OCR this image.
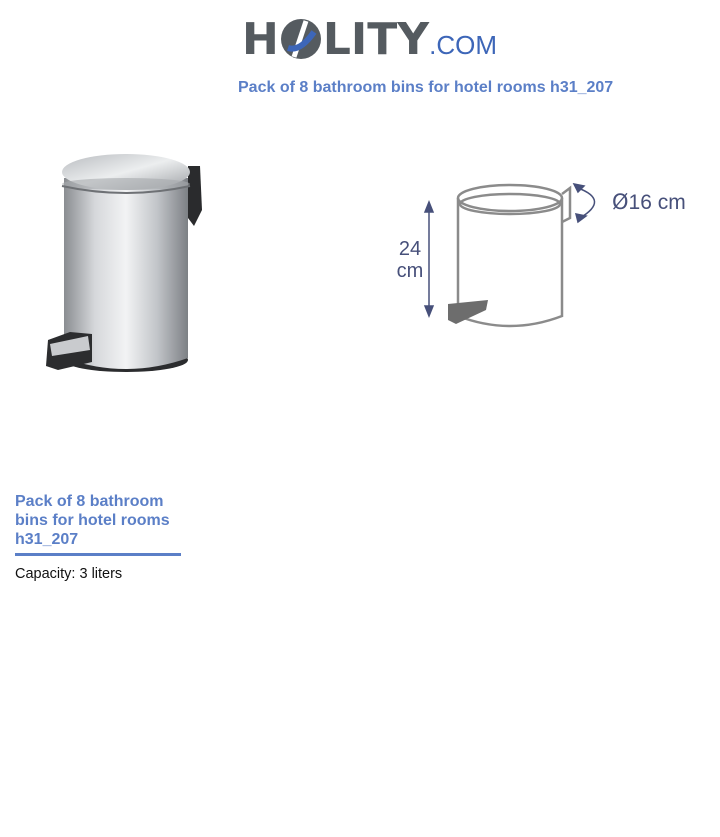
H LITY.COM
Pack of 8 bathroom bins for hotel rooms h31_207
24
cm
Ø16 cm
Pack of 8 bathroom bins for hotel rooms h31_207
Capacity: 3 liters
